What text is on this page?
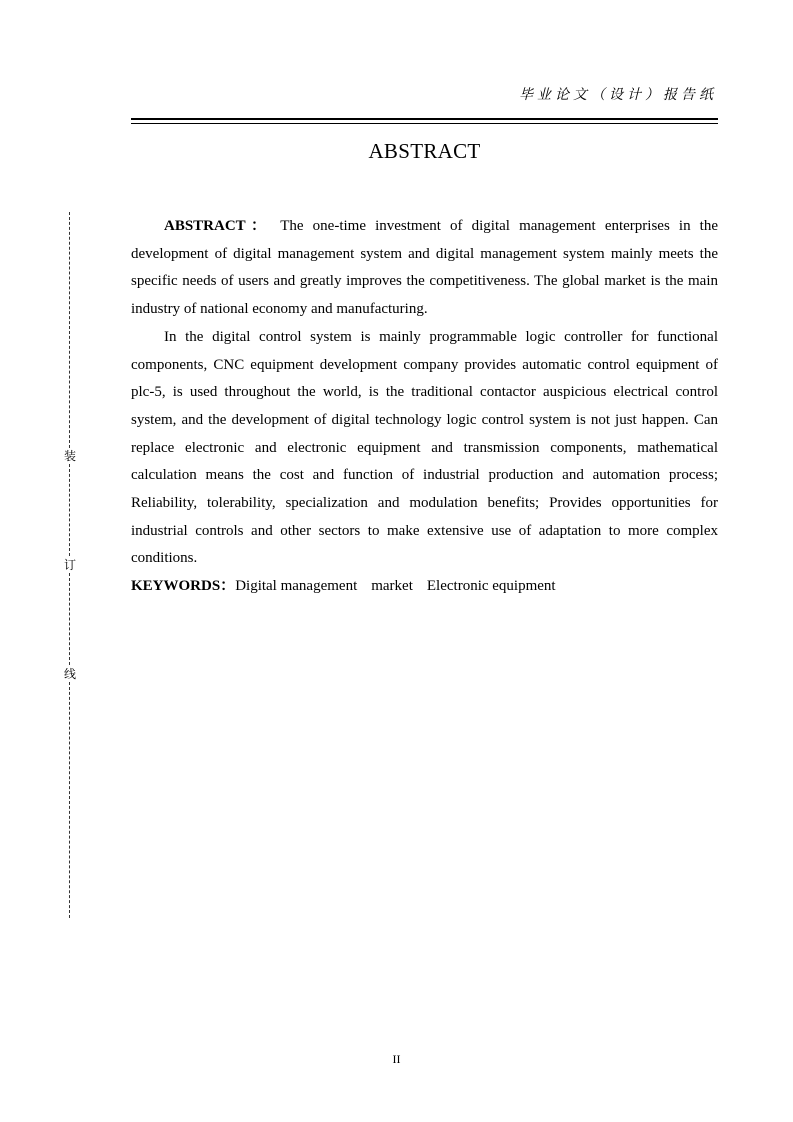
毕业论文（设计）报告纸
ABSTRACT

ABSTRACT： The one-time investment of digital management enterprises in the development of digital management system and digital management system mainly meets the specific needs of users and greatly improves the competitiveness. The global market is the main industry of national economy and manufacturing.

In the digital control system is mainly programmable logic controller for functional components, CNC equipment development company provides automatic control equipment of plc-5, is used throughout the world, is the traditional contactor auspicious electrical control system, and the development of digital technology logic control system is not just happen. Can replace electronic and electronic equipment and transmission components, mathematical calculation means the cost and function of industrial production and automation process; Reliability, tolerability, specialization and modulation benefits; Provides opportunities for industrial controls and other sectors to make extensive use of adaptation to more complex conditions.

KEYWORDS：Digital management market Electronic equipment

装
订
线
II
